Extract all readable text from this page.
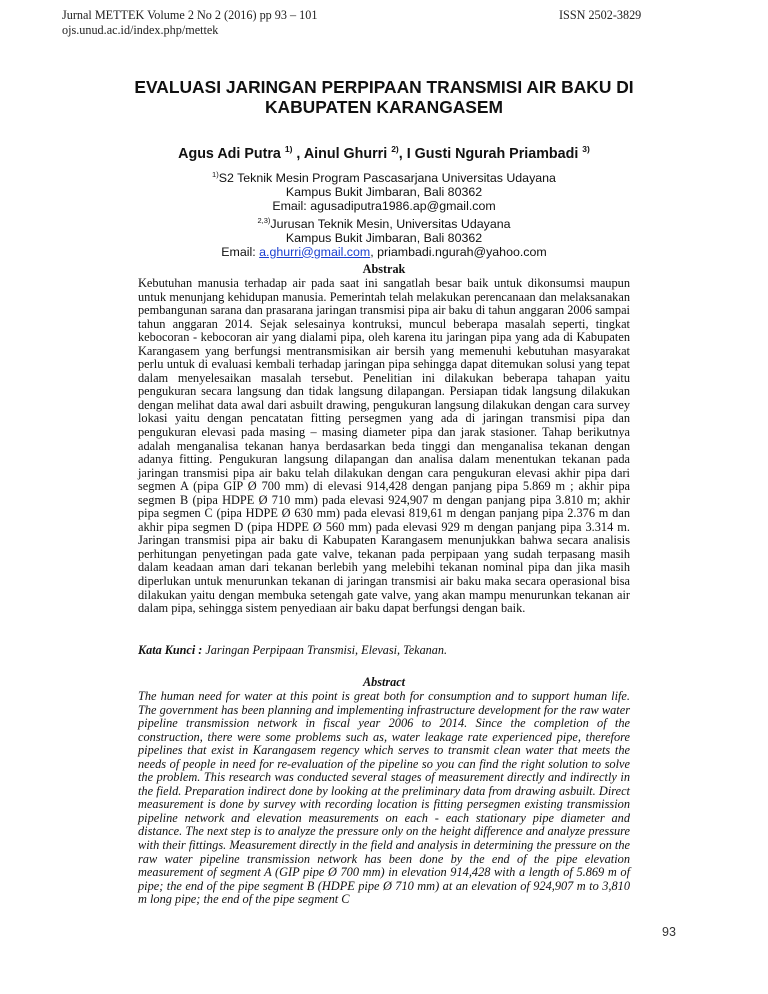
Jurnal METTEK Volume 2 No 2 (2016) pp 93 – 101
ojs.unud.ac.id/index.php/mettek
ISSN 2502-3829
EVALUASI JARINGAN PERPIPAAN TRANSMISI AIR BAKU DI
KABUPATEN KARANGASEM
Agus Adi Putra $^{1)}$ , Ainul Ghurri $^{2)}$, I Gusti Ngurah Priambadi $^{3)}$
$^{1)}$S2 Teknik Mesin Program Pascasarjana Universitas Udayana
Kampus Bukit Jimbaran, Bali 80362
Email: agusadiputra1986.ap@gmail.com
$^{2,3)}$Jurusan Teknik Mesin, Universitas Udayana
Kampus Bukit Jimbaran, Bali 80362
Email: a.ghurri@gmail.com, priambadi.ngurah@yahoo.com
Abstrak
Kebutuhan manusia terhadap air pada saat ini sangatlah besar baik untuk dikonsumsi maupun untuk menunjang kehidupan manusia. Pemerintah telah melakukan perencanaan dan melaksanakan pembangunan sarana dan prasarana jaringan transmisi pipa air baku di tahun anggaran 2006 sampai tahun anggaran 2014. Sejak selesainya kontruksi, muncul beberapa masalah seperti, tingkat kebocoran - kebocoran air yang dialami pipa, oleh karena itu jaringan pipa yang ada di Kabupaten Karangasem yang berfungsi mentransmisikan air bersih yang memenuhi kebutuhan masyarakat perlu untuk di evaluasi kembali terhadap jaringan pipa sehingga dapat ditemukan solusi yang tepat dalam menyelesaikan masalah tersebut. Penelitian ini dilakukan beberapa tahapan yaitu pengukuran secara langsung dan tidak langsung dilapangan. Persiapan tidak langsung dilakukan dengan melihat data awal dari asbuilt drawing, pengukuran langsung dilakukan dengan cara survey lokasi yaitu dengan pencatatan fitting persegmen yang ada di jaringan transmisi pipa dan pengukuran elevasi pada masing – masing diameter pipa dan jarak stasioner. Tahap berikutnya adalah menganalisa tekanan hanya berdasarkan beda tinggi dan menganalisa tekanan dengan adanya fitting. Pengukuran langsung dilapangan dan analisa dalam menentukan tekanan pada jaringan transmisi pipa air baku telah dilakukan dengan cara pengukuran elevasi akhir pipa dari segmen A (pipa GIP Ø 700 mm) di elevasi 914,428 dengan panjang pipa 5.869 m ; akhir pipa segmen B (pipa HDPE Ø 710 mm) pada elevasi 924,907 m dengan panjang pipa 3.810 m; akhir pipa segmen C (pipa HDPE Ø 630 mm) pada elevasi 819,61 m dengan panjang pipa 2.376 m dan akhir pipa segmen D (pipa HDPE Ø 560 mm) pada elevasi 929 m dengan panjang pipa 3.314 m. Jaringan transmisi pipa air baku di Kabupaten Karangasem menunjukkan bahwa secara analisis perhitungan penyetingan pada gate valve, tekanan pada perpipaan yang sudah terpasang masih dalam keadaan aman dari tekanan berlebih yang melebihi tekanan nominal pipa dan jika masih diperlukan untuk menurunkan tekanan di jaringan transmisi air baku maka secara operasional bisa dilakukan yaitu dengan membuka setengah gate valve, yang akan mampu menurunkan tekanan air dalam pipa, sehingga sistem penyediaan air baku dapat berfungsi dengan baik.
Kata Kunci : Jaringan Perpipaan Transmisi, Elevasi, Tekanan.
Abstract
The human need for water at this point is great both for consumption and to support human life. The government has been planning and implementing infrastructure development for the raw water pipeline transmission network in fiscal year 2006 to 2014. Since the completion of the construction, there were some problems such as, water leakage rate experienced pipe, therefore pipelines that exist in Karangasem regency which serves to transmit clean water that meets the needs of people in need for re-evaluation of the pipeline so you can find the right solution to solve the problem. This research was conducted several stages of measurement directly and indirectly in the field. Preparation indirect done by looking at the preliminary data from drawing asbuilt. Direct measurement is done by survey with recording location is fitting persegmen existing transmission pipeline network and elevation measurements on each - each stationary pipe diameter and distance. The next step is to analyze the pressure only on the height difference and analyze pressure with their fittings. Measurement directly in the field and analysis in determining the pressure on the raw water pipeline transmission network has been done by the end of the pipe elevation measurement of segment A (GIP pipe Ø 700 mm) in elevation 914,428 with a length of 5.869 m of pipe; the end of the pipe segment B (HDPE pipe Ø 710 mm) at an elevation of 924,907 m to 3,810 m long pipe; the end of the pipe segment C
93
